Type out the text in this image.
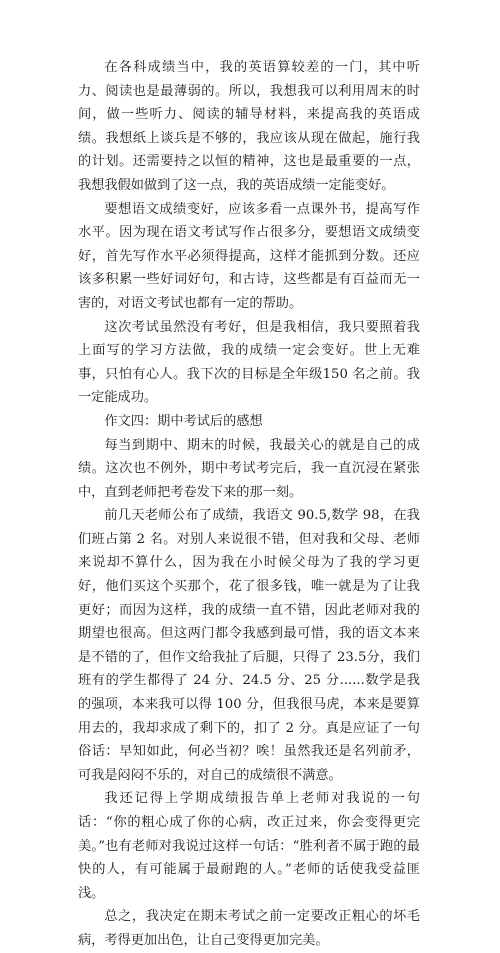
在各科成绩当中，我的英语算较差的一门，其中听力、阅读也是最薄弱的。所以，我想我可以利用周末的时间，做一些听力、阅读的辅导材料，来提高我的英语成绩。我想纸上谈兵是不够的，我应该从现在做起，施行我的计划。还需要持之以恒的精神，这也是最重要的一点，我想我假如做到了这一点，我的英语成绩一定能变好。

要想语文成绩变好，应该多看一点课外书，提高写作水平。因为现在语文考试写作占很多分，要想语文成绩变好，首先写作水平必须得提高，这样才能抓到分数。还应该多积累一些好词好句，和古诗，这些都是有百益而无一害的，对语文考试也都有一定的帮助。

这次考试虽然没有考好，但是我相信，我只要照着我上面写的学习方法做，我的成绩一定会变好。世上无难事，只怕有心人。我下次的目标是全年级150 名之前。我一定能成功。

作文四：期中考试后的感想

每当到期中、期末的时候，我最关心的就是自己的成绩。这次也不例外，期中考试考完后，我一直沉浸在紧张中，直到老师把考卷发下来的那一刻。

前几天老师公布了成绩，我语文 90.5,数学 98，在我们班占第 2 名。对别人来说很不错，但对我和父母、老师来说却不算什么，因为我在小时候父母为了我的学习更好，他们买这个买那个，花了很多钱，唯一就是为了让我更好；而因为这样，我的成绩一直不错，因此老师对我的期望也很高。但这两门都令我感到最可惜，我的语文本来是不错的了，但作文给我扯了后腿，只得了 23.5分，我们班有的学生都得了 24 分、24.5 分、25 分......数学是我的强项，本来我可以得 100 分，但我很马虎，本来是要算用去的，我却求成了剩下的，扣了 2 分。真是应证了一句俗话：早知如此，何必当初？唉！虽然我还是名列前矛，可我是闷闷不乐的，对自己的成绩很不满意。

我还记得上学期成绩报告单上老师对我说的一句话：“你的粗心成了你的心病，改正过来，你会变得更完美。”也有老师对我说过这样一句话：“胜利者不属于跑的最快的人，有可能属于最耐跑的人。”老师的话使我受益匪浅。

总之，我决定在期末考试之前一定要改正粗心的坏毛病，考得更加出色，让自己变得更加完美。
